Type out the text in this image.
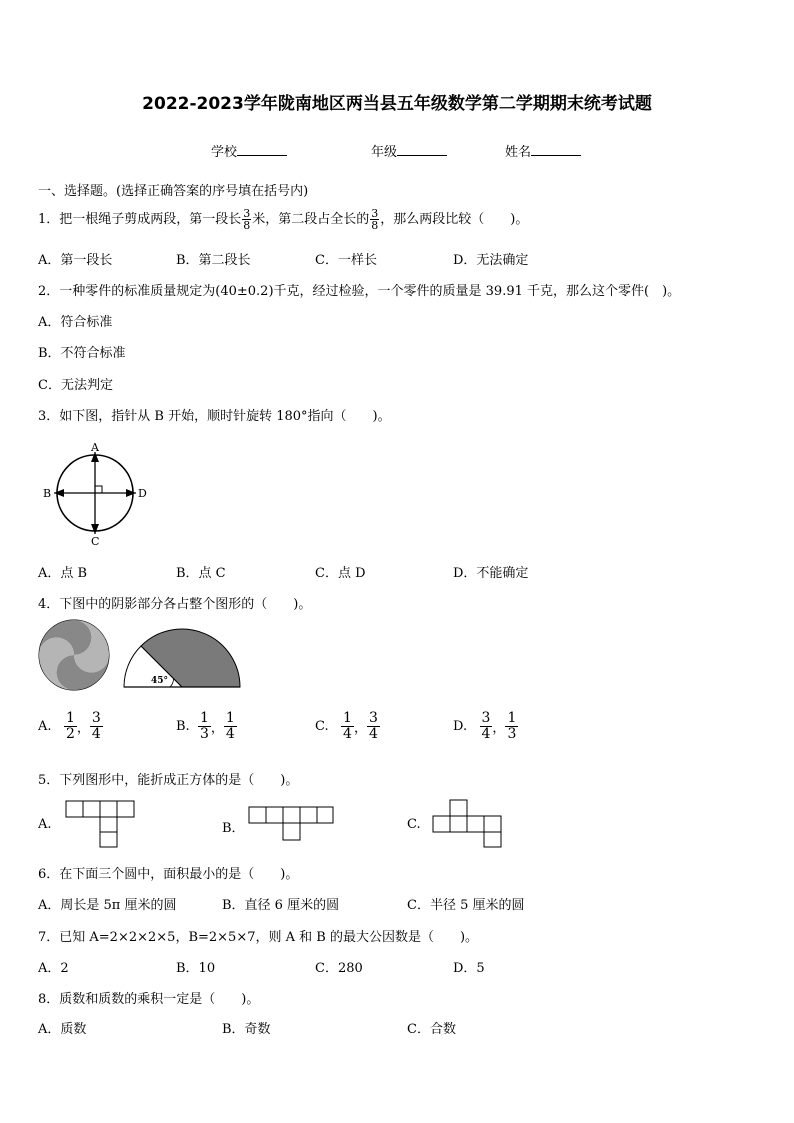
2022-2023学年陇南地区两当县五年级数学第二学期期末统考试题
学校	年级	姓名
一、选择题。(选择正确答案的序号填在括号内)
1．把一根绳子剪成两段，第一段长 $\frac{3}{8}$ 米，第二段占全长的 $\frac{3}{8}$ ，那么两段比较（　　)。
A．第一段长	B．第二段长	C．一样长	D．无法确定
2．一种零件的标准质量规定为(40±0.2)千克，经过检验，一个零件的质量是 39.91 千克，那么这个零件(　)。
A．符合标准
B．不符合标准
C．无法判定
3．如下图，指针从 B 开始，顺时针旋转 180°指向（　　)。
A
B
C
D
A．点 B	B．点 C	C．点 D	D．不能确定
4．下图中的阴影部分各占整个图形的（　　)。
45°
A. $\frac{1}{2}$ ， $\frac{3}{4}$	B. $\frac{1}{3}$ ， $\frac{1}{4}$	C. $\frac{1}{4}$ ， $\frac{3}{4}$	D. $\frac{3}{4}$ ， $\frac{1}{3}$
5．下列图形中，能折成正方体的是（　　)。
A.	B．	C.
6．在下面三个圆中，面积最小的是（　　)。
A．周长是 5π 厘米的圆	B．直径 6 厘米的圆	C．半径 5 厘米的圆
7．已知 A=2×2×2×5，B=2×5×7，则 A 和 B 的最大公因数是（　　)。
A．2	B．10	C．280	D．5
8．质数和质数的乘积一定是（　　)。
A．质数	B．奇数	C．合数
